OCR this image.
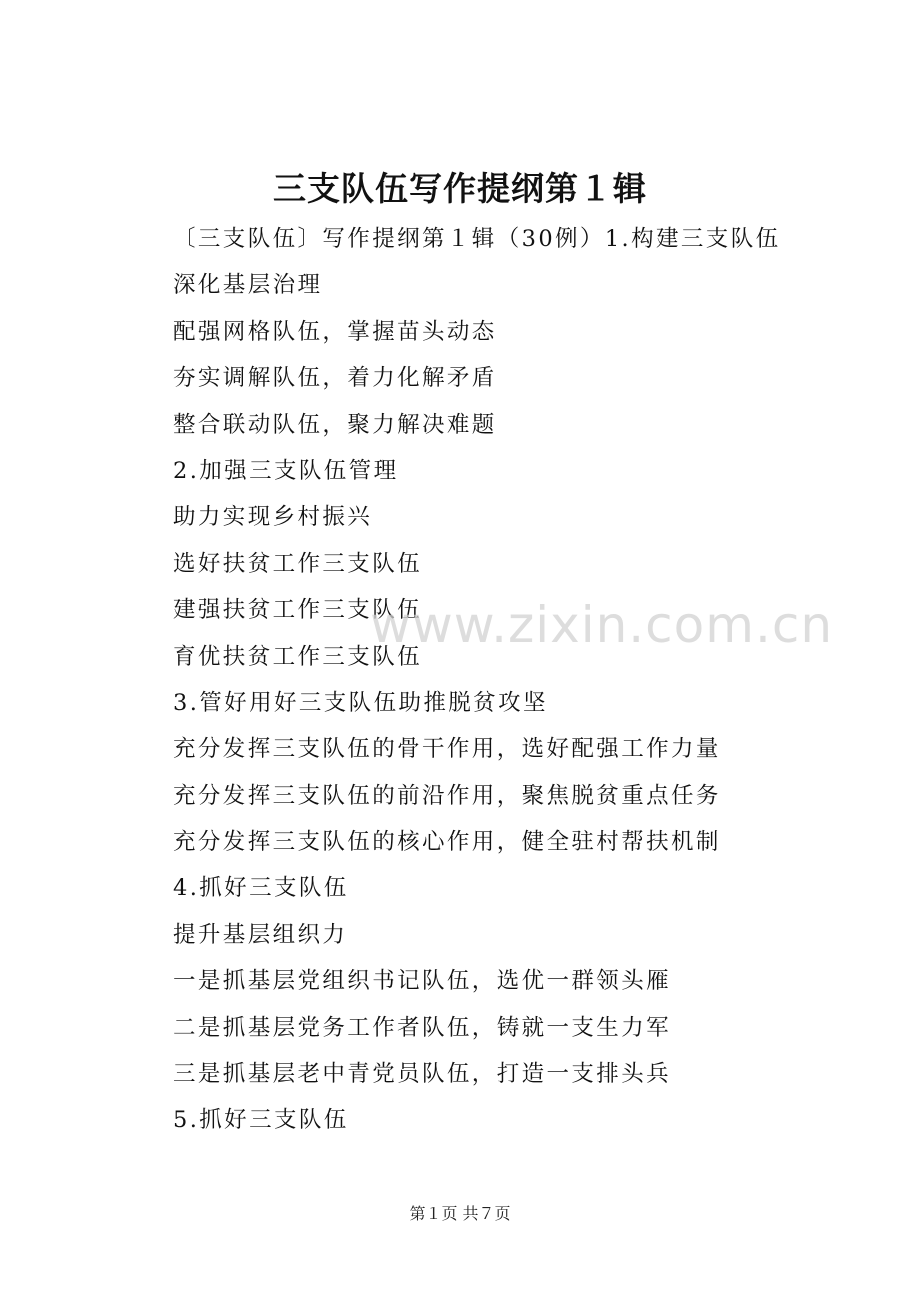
三支队伍写作提纲第１辑
〔三支队伍〕写作提纲第１辑（30例）1.构建三支队伍
深化基层治理
配强网格队伍，掌握苗头动态
夯实调解队伍，着力化解矛盾
整合联动队伍，聚力解决难题
2.加强三支队伍管理
助力实现乡村振兴
选好扶贫工作三支队伍
建强扶贫工作三支队伍
育优扶贫工作三支队伍
3.管好用好三支队伍助推脱贫攻坚
充分发挥三支队伍的骨干作用，选好配强工作力量
充分发挥三支队伍的前沿作用，聚焦脱贫重点任务
充分发挥三支队伍的核心作用，健全驻村帮扶机制
4.抓好三支队伍
提升基层组织力
一是抓基层党组织书记队伍，选优一群领头雁
二是抓基层党务工作者队伍，铸就一支生力军
三是抓基层老中青党员队伍，打造一支排头兵
5.抓好三支队伍
www.zixin.com.cn
第１页 共７页
